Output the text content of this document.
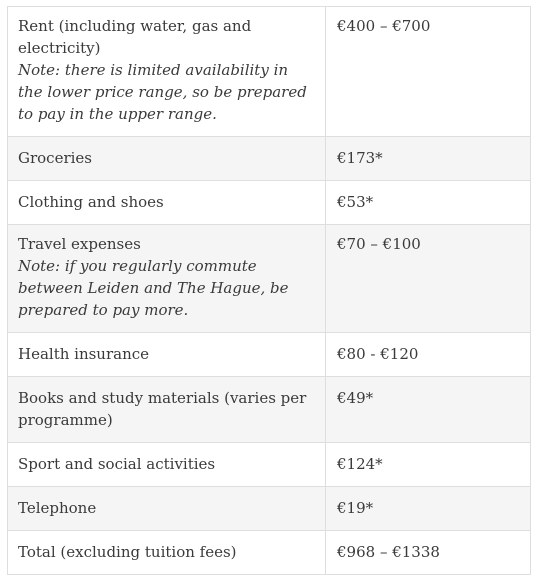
Rent (including water, gas and electricity)
Note: there is limited availability in the lower price range, so be prepared to pay in the upper range.	€400 – €700

Groceries	€173*

Clothing and shoes	€53*

Travel expenses
Note: if you regularly commute between Leiden and The Hague, be prepared to pay more.	€70 – €100

Health insurance	€80 - €120

Books and study materials (varies per programme)	€49*

Sport and social activities	€124*

Telephone	€19*

Total (excluding tuition fees)	€968 – €1338
